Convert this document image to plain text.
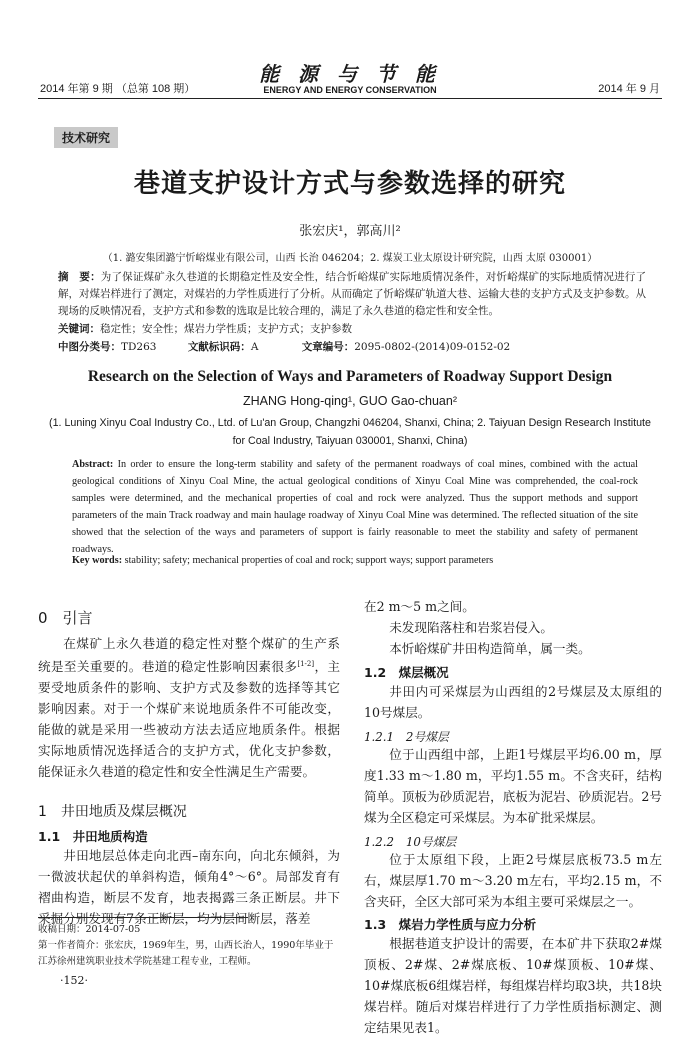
2014 年第 9 期 （总第 108 期）
能 源 与 节 能
ENERGY AND ENERGY CONSERVATION	2014 年 9 月
技术研究
巷道支护设计方式与参数选择的研究
张宏庆¹，郭高川²
（1. 潞安集团潞宁忻峪煤业有限公司，山西 长治 046204；2. 煤炭工业太原设计研究院，山西 太原 030001）
摘　要：为了保证煤矿永久巷道的长期稳定性及安全性，结合忻峪煤矿实际地质情况条件，对忻峪煤矿的实际地质情况进行了解，对煤岩样进行了测定，对煤岩的力学性质进行了分析。从而确定了忻峪煤矿轨道大巷、运输大巷的支护方式及支护参数。从现场的反映情况看，支护方式和参数的选取是比较合理的，满足了永久巷道的稳定性和安全性。
关键词：稳定性；安全性；煤岩力学性质；支护方式；支护参数
中图分类号：TD263	文献标识码：A	文章编号：2095-0802-(2014)09-0152-02
Research on the Selection of Ways and Parameters of Roadway Support Design
ZHANG Hong-qing¹, GUO Gao-chuan²
(1. Luning Xinyu Coal Industry Co., Ltd. of Lu'an Group, Changzhi 046204, Shanxi, China; 2. Taiyuan Design Research Institute
for Coal Industry, Taiyuan 030001, Shanxi, China)
Abstract: In order to ensure the long-term stability and safety of the permanent roadways of coal mines, combined with the actual geological conditions of Xinyu Coal Mine, the actual geological conditions of Xinyu Coal Mine was comprehended, the coal-rock samples were determined, and the mechanical properties of coal and rock were analyzed. Thus the support methods and support parameters of the main Track roadway and main haulage roadway of Xinyu Coal Mine was determined. The reflected situation of the site showed that the selection of the ways and parameters of support is fairly reasonable to meet the stability and safety of permanent roadways.
Key words: stability; safety; mechanical properties of coal and rock; support ways; support parameters
0　引言
在煤矿上永久巷道的稳定性对整个煤矿的生产系统是至关重要的。巷道的稳定性影响因素很多[1-2]，主要受地质条件的影响、支护方式及参数的选择等其它影响因素。对于一个煤矿来说地质条件不可能改变，能做的就是采用一些被动方法去适应地质条件。根据实际地质情况选择适合的支护方式，优化支护参数，能保证永久巷道的稳定性和安全性满足生产需要。
1　井田地质及煤层概况
1.1　井田地质构造
井田地层总体走向北西–南东向，向北东倾斜，为一微波状起伏的单斜构造，倾角4°～6°。局部发育有褶曲构造，断层不发育，地表揭露三条正断层。井下采掘分别发现有7条正断层，均为层间断层，落差
收稿日期：2014-07-05
第一作者简介：张宏庆，1969年生，男，山西长治人，1990年毕业于江苏徐州建筑职业技术学院基建工程专业，工程师。
·152·
在2 m～5 m之间。
未发现陷落柱和岩浆岩侵入。
本忻峪煤矿井田构造简单，属一类。
1.2　煤层概况
井田内可采煤层为山西组的2号煤层及太原组的10号煤层。
1.2.1　2号煤层
位于山西组中部，上距1号煤层平均6.00 m，厚度1.33 m～1.80 m，平均1.55 m。不含夹矸，结构简单。顶板为砂质泥岩，底板为泥岩、砂质泥岩。2号煤为全区稳定可采煤层。为本矿批采煤层。
1.2.2　10号煤层
位于太原组下段，上距2号煤层底板73.5 m左右，煤层厚1.70 m～3.20 m左右，平均2.15 m，不含夹矸，全区大部可采为本组主要可采煤层之一。
1.3　煤岩力学性质与应力分析
根据巷道支护设计的需要，在本矿井下获取2#煤顶板、2#煤、2#煤底板、10#煤顶板、10#煤、10#煤底板6组煤岩样，每组煤岩样均取3块，共18块煤岩样。随后对煤岩样进行了力学性质指标测定、测定结果见表1。
